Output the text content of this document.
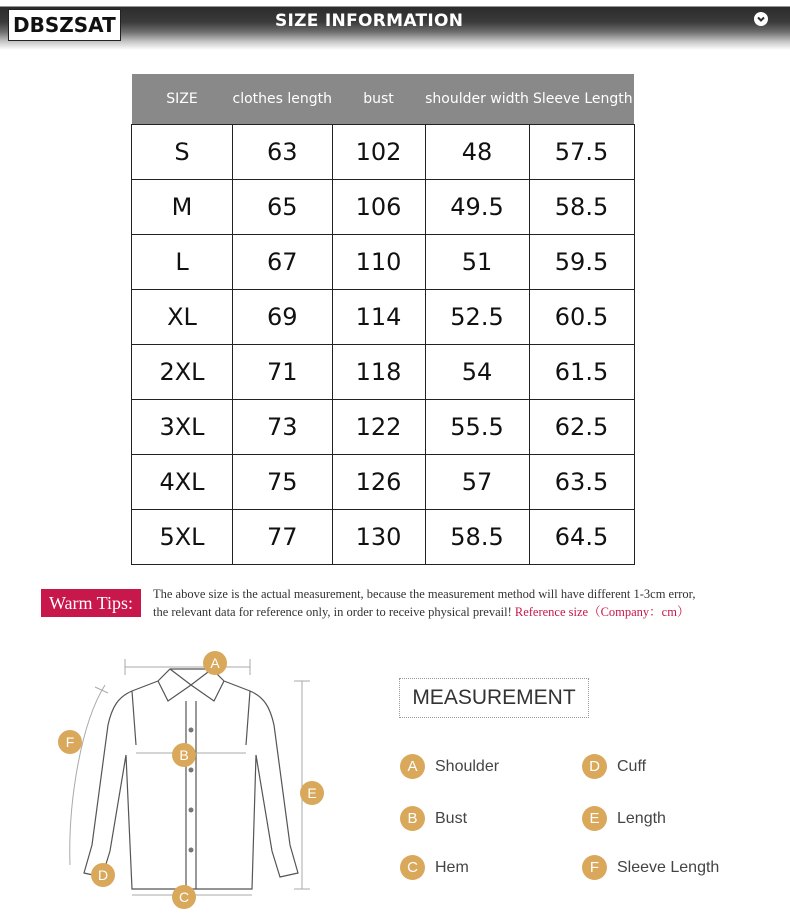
DBSZSAT	SIZE INFORMATION
SIZE	clothes length	bust	shoulder width	Sleeve Length
S	63	102	48	57.5
M	65	106	49.5	58.5
L	67	110	51	59.5
XL	69	114	52.5	60.5
2XL	71	118	54	61.5
3XL	73	122	55.5	62.5
4XL	75	126	57	63.5
5XL	77	130	58.5	64.5
Warm Tips:	The above size is the actual measurement, because the measurement method will have different 1-3cm error,
the relevant data for reference only, in order to receive physical prevail! Reference size（Company：cm）
A
B
C
D
E
F
MEASUREMENT
A	Shoulder	D	Cuff
B	Bust	E	Length
C	Hem	F	Sleeve Length
